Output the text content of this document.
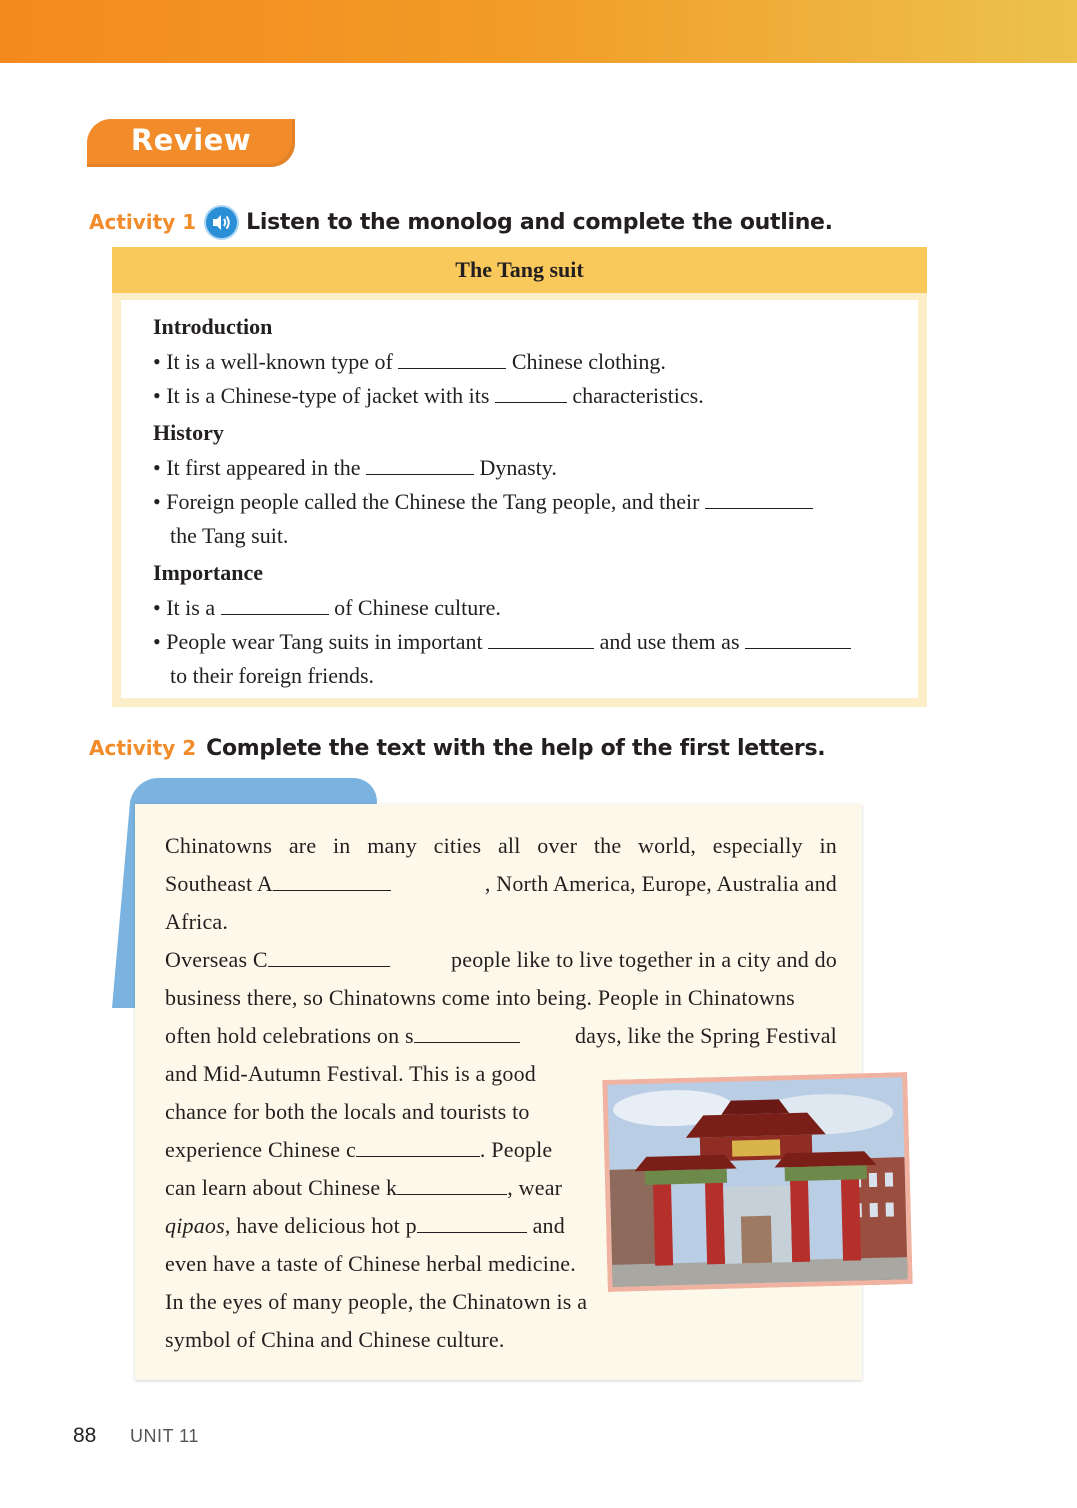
Review
Activity 1 Listen to the monolog and complete the outline.
The Tang suit
Introduction
• It is a well-known type of	Chinese clothing.
• It is a Chinese-type of jacket with its	characteristics.
History
• It first appeared in the	Dynasty.
• Foreign people called the Chinese the Tang people, and their
the Tang suit.
Importance
• It is a	of Chinese culture.
• People wear Tang suits in important	and use them as
to their foreign friends.
Activity 2 Complete the text with the help of the first letters.
Chinatowns are in many cities all over the world, especially in
Southeast A	, North America, Europe, Australia and
Africa.
Overseas C	people like to live together in a city and do
business there, so Chinatowns come into being. People in Chinatowns
often hold celebrations on s	days, like the Spring Festival
and Mid-Autumn Festival. This is a good
chance for both the locals and tourists to
experience Chinese c	. People
can learn about Chinese k	, wear
qipaos, have delicious hot p	and
even have a taste of Chinese herbal medicine.
In the eyes of many people, the Chinatown is a
symbol of China and Chinese culture.
88 UNIT 11
